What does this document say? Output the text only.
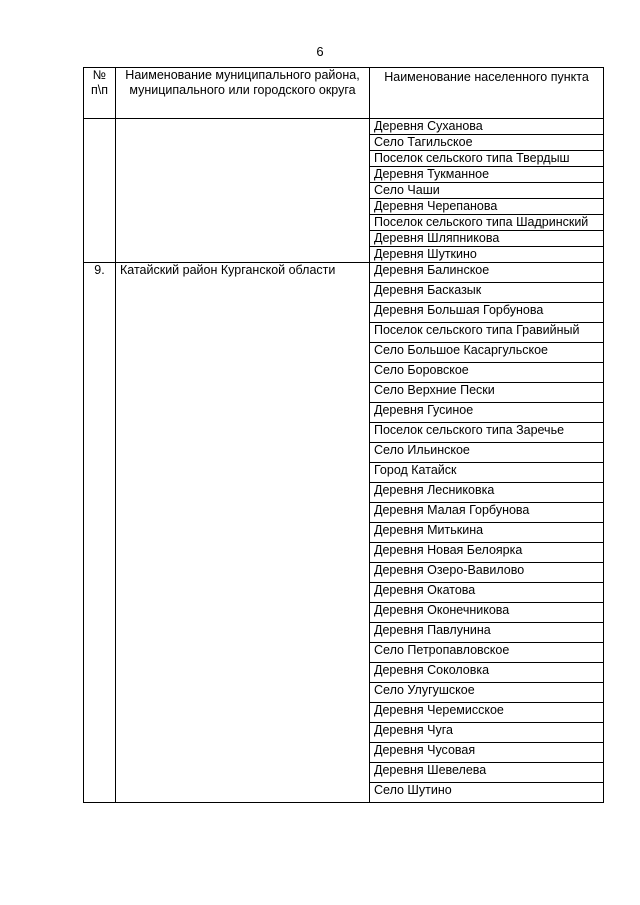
6
№ п\п	Наименование муниципального района, муниципального или городского округа	Наименование населенного пункта
		Деревня Суханова
		Село Тагильское
		Поселок сельского типа Твердыш
		Деревня Тукманное
		Село Чаши
		Деревня Черепанова
		Поселок сельского типа Шадринский
		Деревня Шляпникова
		Деревня Шуткино
9.	Катайский район Курганской области	Деревня Балинское
		Деревня Басказык
		Деревня Большая Горбунова
		Поселок сельского типа Гравийный
		Село Большое Касаргульское
		Село Боровское
		Село Верхние Пески
		Деревня Гусиное
		Поселок сельского типа Заречье
		Село Ильинское
		Город Катайск
		Деревня Лесниковка
		Деревня Малая Горбунова
		Деревня Митькина
		Деревня Новая Белоярка
		Деревня Озеро-Вавилово
		Деревня Окатова
		Деревня Оконечникова
		Деревня Павлунина
		Село Петропавловское
		Деревня Соколовка
		Село Улугушское
		Деревня Черемисское
		Деревня Чуга
		Деревня Чусовая
		Деревня Шевелева
		Село Шутино
